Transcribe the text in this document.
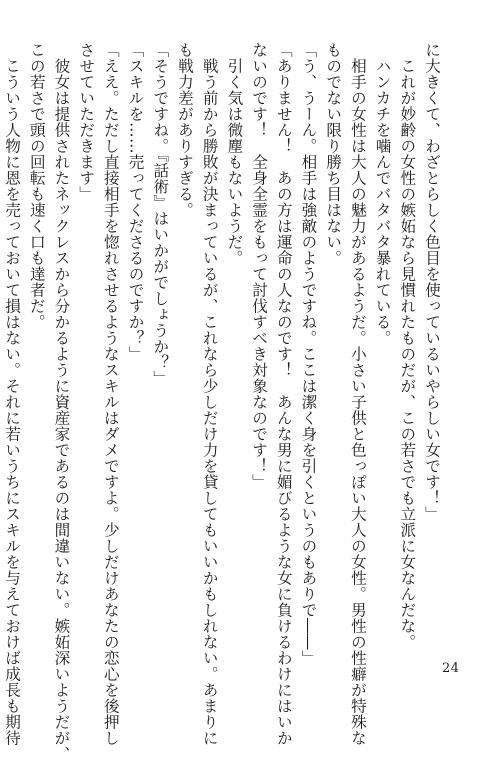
に大きくて、わざとらしく色目を使っているいやらしい女です！」
　これが妙齢の女性の嫉妬なら見慣れたものだが、この若さでも立派に女なんだな。
　ハンカチを噛んでバタバタ暴れている。
　相手の女性は大人の魅力があるようだ。小さい子供と色っぽい大人の女性。男性の性癖が特殊な
ものでない限り勝ち目はない。
「う、うーん。相手は強敵のようですね。ここは潔く身を引くというのもありで――」
「ありません！　あの方は運命の人なのです！　あんな男に媚びるような女に負けるわけにはいか
ないのです！　全身全霊をもって討伐すべき対象なのです！」
　引く気は微塵もないようだ。
　戦う前から勝敗が決まっているが、これなら少しだけ力を貸してもいいかもしれない。あまりに
も戦力差がありすぎる。
「そうですね。『話術』はいかがでしょうか？」
「スキルを……売ってくださるのですか？」
「ええ。ただし直接相手を惚れさせるようなスキルはダメですよ。少しだけあなたの恋心を後押し
させていただきます」
　彼女は提供されたネックレスから分かるように資産家であるのは間違いない。嫉妬深いようだが、
この若さで頭の回転も速く口も達者だ。
　こういう人物に恩を売っておいて損はない。それに若いうちにスキルを与えておけば成長も期待	24
